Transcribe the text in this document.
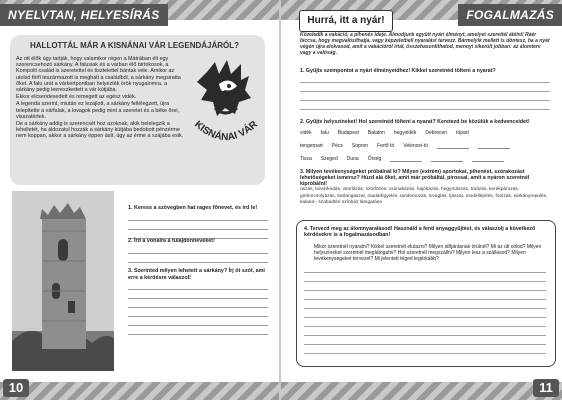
NYELVTAN, HELYESÍRÁS
HALLOTTÁL MÁR A KISNÁNAI VÁR LEGENDÁJÁRÓL?

Az ott élők úgy tartják, hogy valamikor régen a Mátrában élt egy szerencsehozó sárkány. A falusiak és a várban élő birtokosok, a Kompolti család is szeretettel és tisztelettel bántak vele. Amikor az utolsó férfi leszármazott is meghalt a családból, a sárkány megsiratta őket. A falu urát a várkertpontban helyezték örök nyugalomra, a sárkány pedig leereszkedett a vár kútjába.

Ekkor elcsendesedett és remegett az egész vidék.

A legenda szerint, miután ez lezajlott, a sárkány fellélegzett, újra telepítette a várfalak, a lovagok pedig mint a szeretet és a béke őrei, visszatértek.

De a sárkány addig is szerencsét hoz azoknak, akik belelegzik a lehelletét, ha áldozatul hozzák a sárkány kútjába bedobott pénzérme nem koppan, akkor a sárkány éppen ásít, úgy az érme a szájába esik.

KISNÁNAI VÁR
1. Keress a szövegben hat rages főnevet, és írd le!
2. Írd a vonalra a tulajdonneveket!
3. Szerinted milyen lehetett a sárkány? Írj öt szót, ami erre a kérdésre válaszol!
10
Hurrá, itt a nyár!	FOGALMAZÁS
11
Közeledik a vakáció, a pihenés ideje. Álmodjunk együtt nyári élményt, amelyet szerettél átélni! Ráér biccsa, hogy megvalósíthatja, vagy képzeletbeli nyaralást tervezz. Bármelyik mellett is döntesz, ha a nyár végén újra elolvasod, amit a vakációról írtál, összehasonlíthatod, mennyi sikerült jobban: az álomterv vagy a valóság.
1. Gyűjts szempontot a nyári élményeidhez! Kikkel szeretnéd tölteni a nyarat?
2. Gyűjts helyszíneket! Hol szeretnéd tölteni a nyarat? Keretezd be közülük a kedvenceidet!
vidék falu Budapest Balaton hegyvidék Debrecen tópart
tengerpart Pécs Sopron Fertő tó Velencei-tó
Tisza Szeged Duna Őrség
3. Milyen tevékenységeket próbálnál ki? Milyen (extrém) sportokat, pihenést, szórakozást lehetőségeket ismersz? Húzd alá őket, amit már próbáltál, pirossal, amit a nyáron szeretnél kipróbálni!
úszás, búvárkodás, vitorlázás, szörfözés, csónakázás, hajókázás, hegymászás, túrázás, kerékpározás, görkorcsolyázás, barlangászat, madárfigyelés, tandemozás, lovaglás, íjászat, modellépítés, fotózás, sárkányrepülés, kaland-, szabadtéri színház látogatása
4. Tervezd meg az álomnyaralásod! Használd a fenti anyaggyűjtést, és válaszolj a következő kérdésekre is a fogalmazásodban!
Mikor szeretnél nyaralni? Kikkel szeretnél elutazni? Milyen időjárásnak örülnél? Mi az úti célod? Milyen helyszíneket szeretnél meglátogatni? Hol szeretnél megszállni? Milyen lesz a szállásod? Milyen tevékenységeket tervezel? Mi jelentett téged legérkább?
